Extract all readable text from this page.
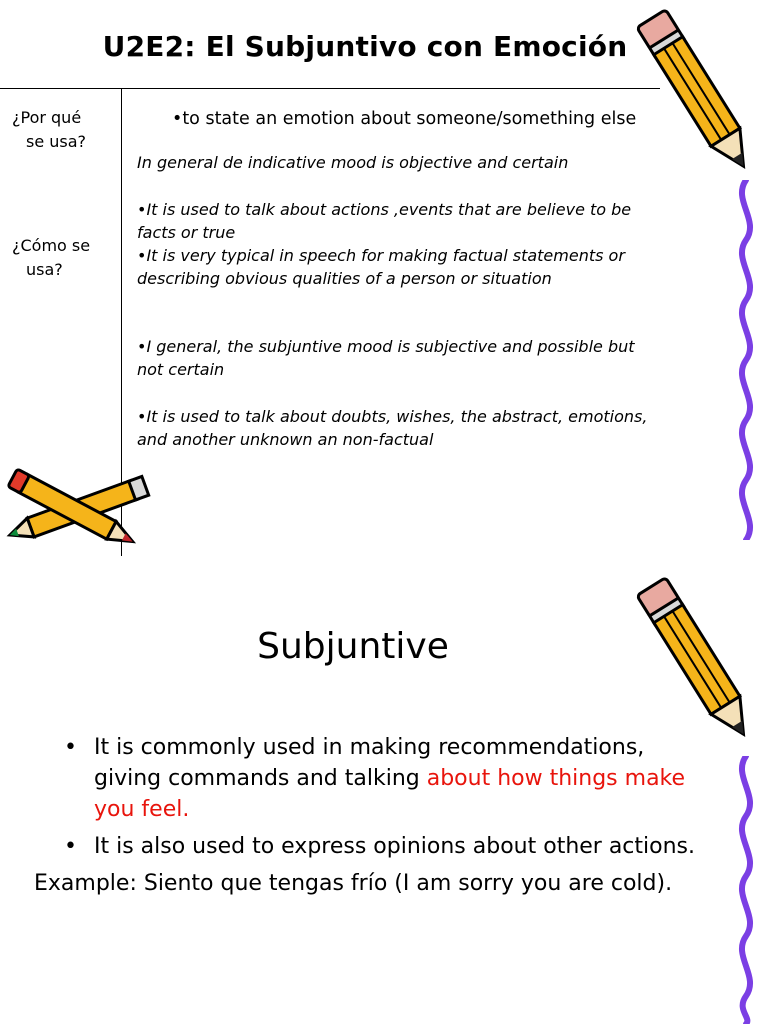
U2E2: El Subjuntivo con Emoción
¿Por qué
se usa?
¿Cómo se
usa?
•to state an emotion about someone/something else
In general de indicative mood is objective and certain
•It is used to talk about actions ,events that are believe to be facts or true
•It is very typical in speech for making factual statements or describing obvious qualities of a person or situation
•I general, the subjuntive mood is subjective and possible but not certain
•It is used to talk about doubts, wishes, the abstract, emotions, and another unknown an non-factual
Subjuntive
• It is commonly used in making recommendations, giving commands and talking about how things make you feel.
• It is also used to express opinions about other actions.
Example: Siento que tengas frío (I am sorry you are cold).
